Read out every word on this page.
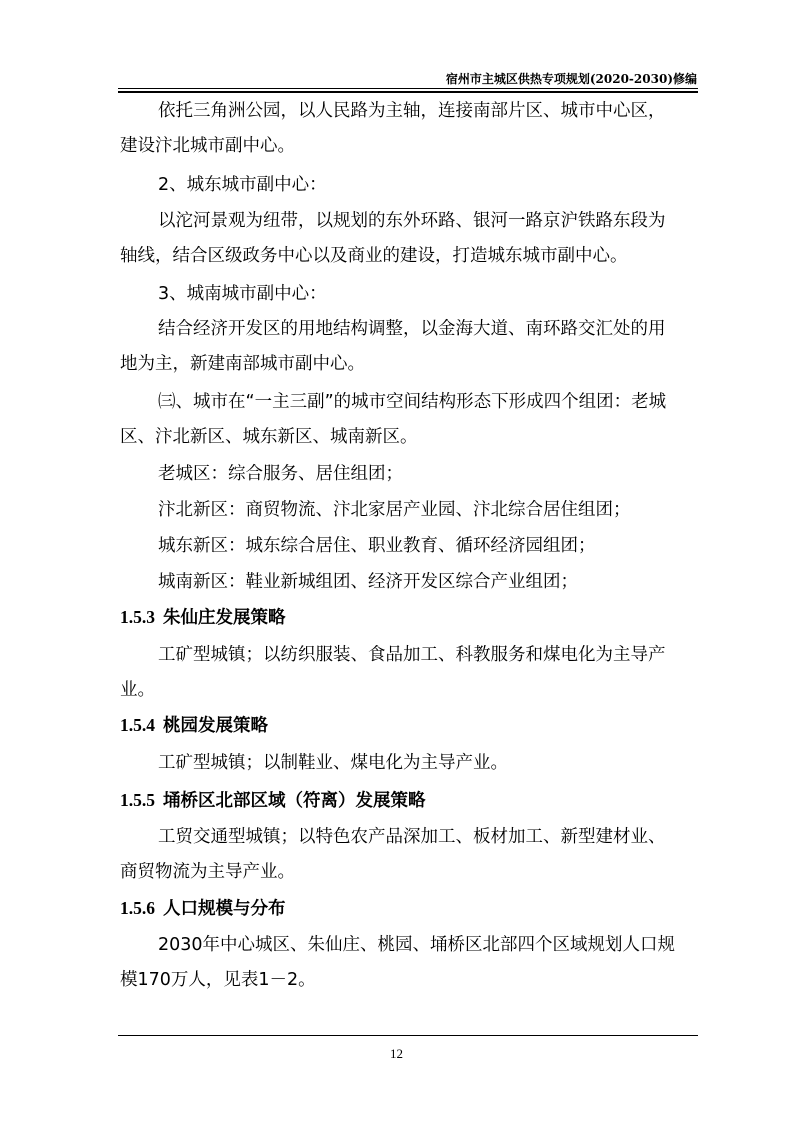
宿州市主城区供热专项规划(2020-2030)修编
依托三角洲公园，以人民路为主轴，连接南部片区、城市中心区，
建设汴北城市副中心。
2、城东城市副中心：
以沱河景观为纽带，以规划的东外环路、银河一路京沪铁路东段为
轴线，结合区级政务中心以及商业的建设，打造城东城市副中心。
3、城南城市副中心：
结合经济开发区的用地结构调整，以金海大道、南环路交汇处的用
地为主，新建南部城市副中心。
㈢、城市在“一主三副”的城市空间结构形态下形成四个组团：老城
区、汴北新区、城东新区、城南新区。
老城区：综合服务、居住组团；
汴北新区：商贸物流、汴北家居产业园、汴北综合居住组团；
城东新区：城东综合居住、职业教育、循环经济园组团；
城南新区：鞋业新城组团、经济开发区综合产业组团；
1.5.3 朱仙庄发展策略
工矿型城镇；以纺织服装、食品加工、科教服务和煤电化为主导产
业。
1.5.4 桃园发展策略
工矿型城镇；以制鞋业、煤电化为主导产业。
1.5.5 埇桥区北部区域（符离）发展策略
工贸交通型城镇；以特色农产品深加工、板材加工、新型建材业、
商贸物流为主导产业。
1.5.6 人口规模与分布
2030年中心城区、朱仙庄、桃园、埇桥区北部四个区域规划人口规
模170万人，见表1－2。
12
